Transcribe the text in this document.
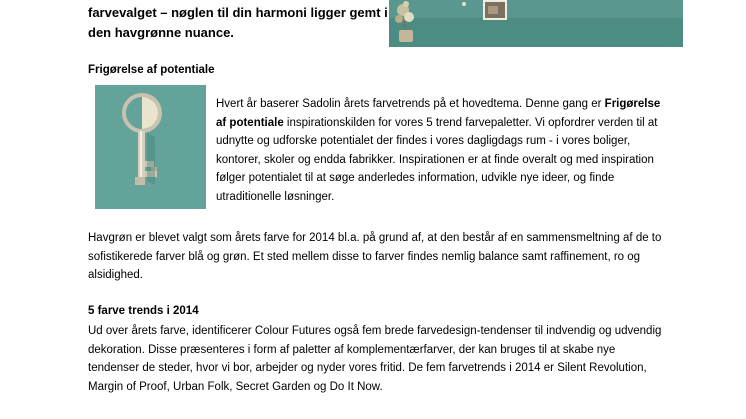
farvevalget – nøglen til din harmoni ligger gemt i den havgrønne nuance.
Frigørelse af potentiale
Hvert år baserer Sadolin årets farvetrends på et hovedtema. Denne gang er Frigørelse af potentiale inspirationskilden for vores 5 trend farvepaletter. Vi opfordrer verden til at udnytte og udforske potentialet der findes i vores dagligdags rum - i vores boliger, kontorer, skoler og endda fabrikker. Inspirationen er at finde overalt og med inspiration følger potentialet til at søge anderledes information, udvikle nye ideer, og finde utraditionelle løsninger.
Havgrøn er blevet valgt som årets farve for 2014 bl.a. på grund af, at den består af en sammensmeltning af de to sofistikerede farver blå og grøn. Et sted mellem disse to farver findes nemlig balance samt raffinement, ro og alsidighed.
5 farve trends i 2014
Ud over årets farve, identificerer Colour Futures også fem brede farvedesign-tendenser til indvendig og udvendig dekoration. Disse præsenteres i form af paletter af komplementærfarver, der kan bruges til at skabe nye tendenser de steder, hvor vi bor, arbejder og nyder vores fritid. De fem farvetrends i 2014 er Silent Revolution, Margin of Proof, Urban Folk, Secret Garden og Do It Now.
